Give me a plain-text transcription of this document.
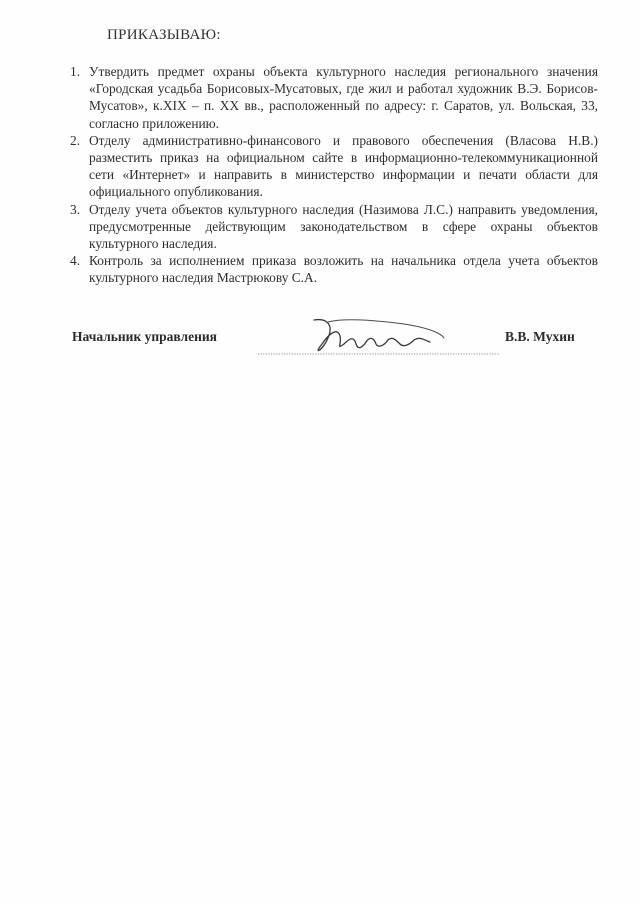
ПРИКАЗЫВАЮ:
1. Утвердить предмет охраны объекта культурного наследия регионального значения «Городская усадьба Борисовых-Мусатовых, где жил и работал художник В.Э. Борисов-Мусатов», к.XIX – п. XX вв., расположенный по адресу: г. Саратов, ул. Вольская, 33, согласно приложению.
2. Отделу административно-финансового и правового обеспечения (Власова Н.В.) разместить приказ на официальном сайте в информационно-телекоммуникационной сети «Интернет» и направить в министерство информации и печати области для официального опубликования.
3. Отделу учета объектов культурного наследия (Назимова Л.С.) направить уведомления, предусмотренные действующим законодательством в сфере охраны объектов культурного наследия.
4. Контроль за исполнением приказа возложить на начальника отдела учета объектов культурного наследия Мастрюкову С.А.
Начальник управления	В.В. Мухин
